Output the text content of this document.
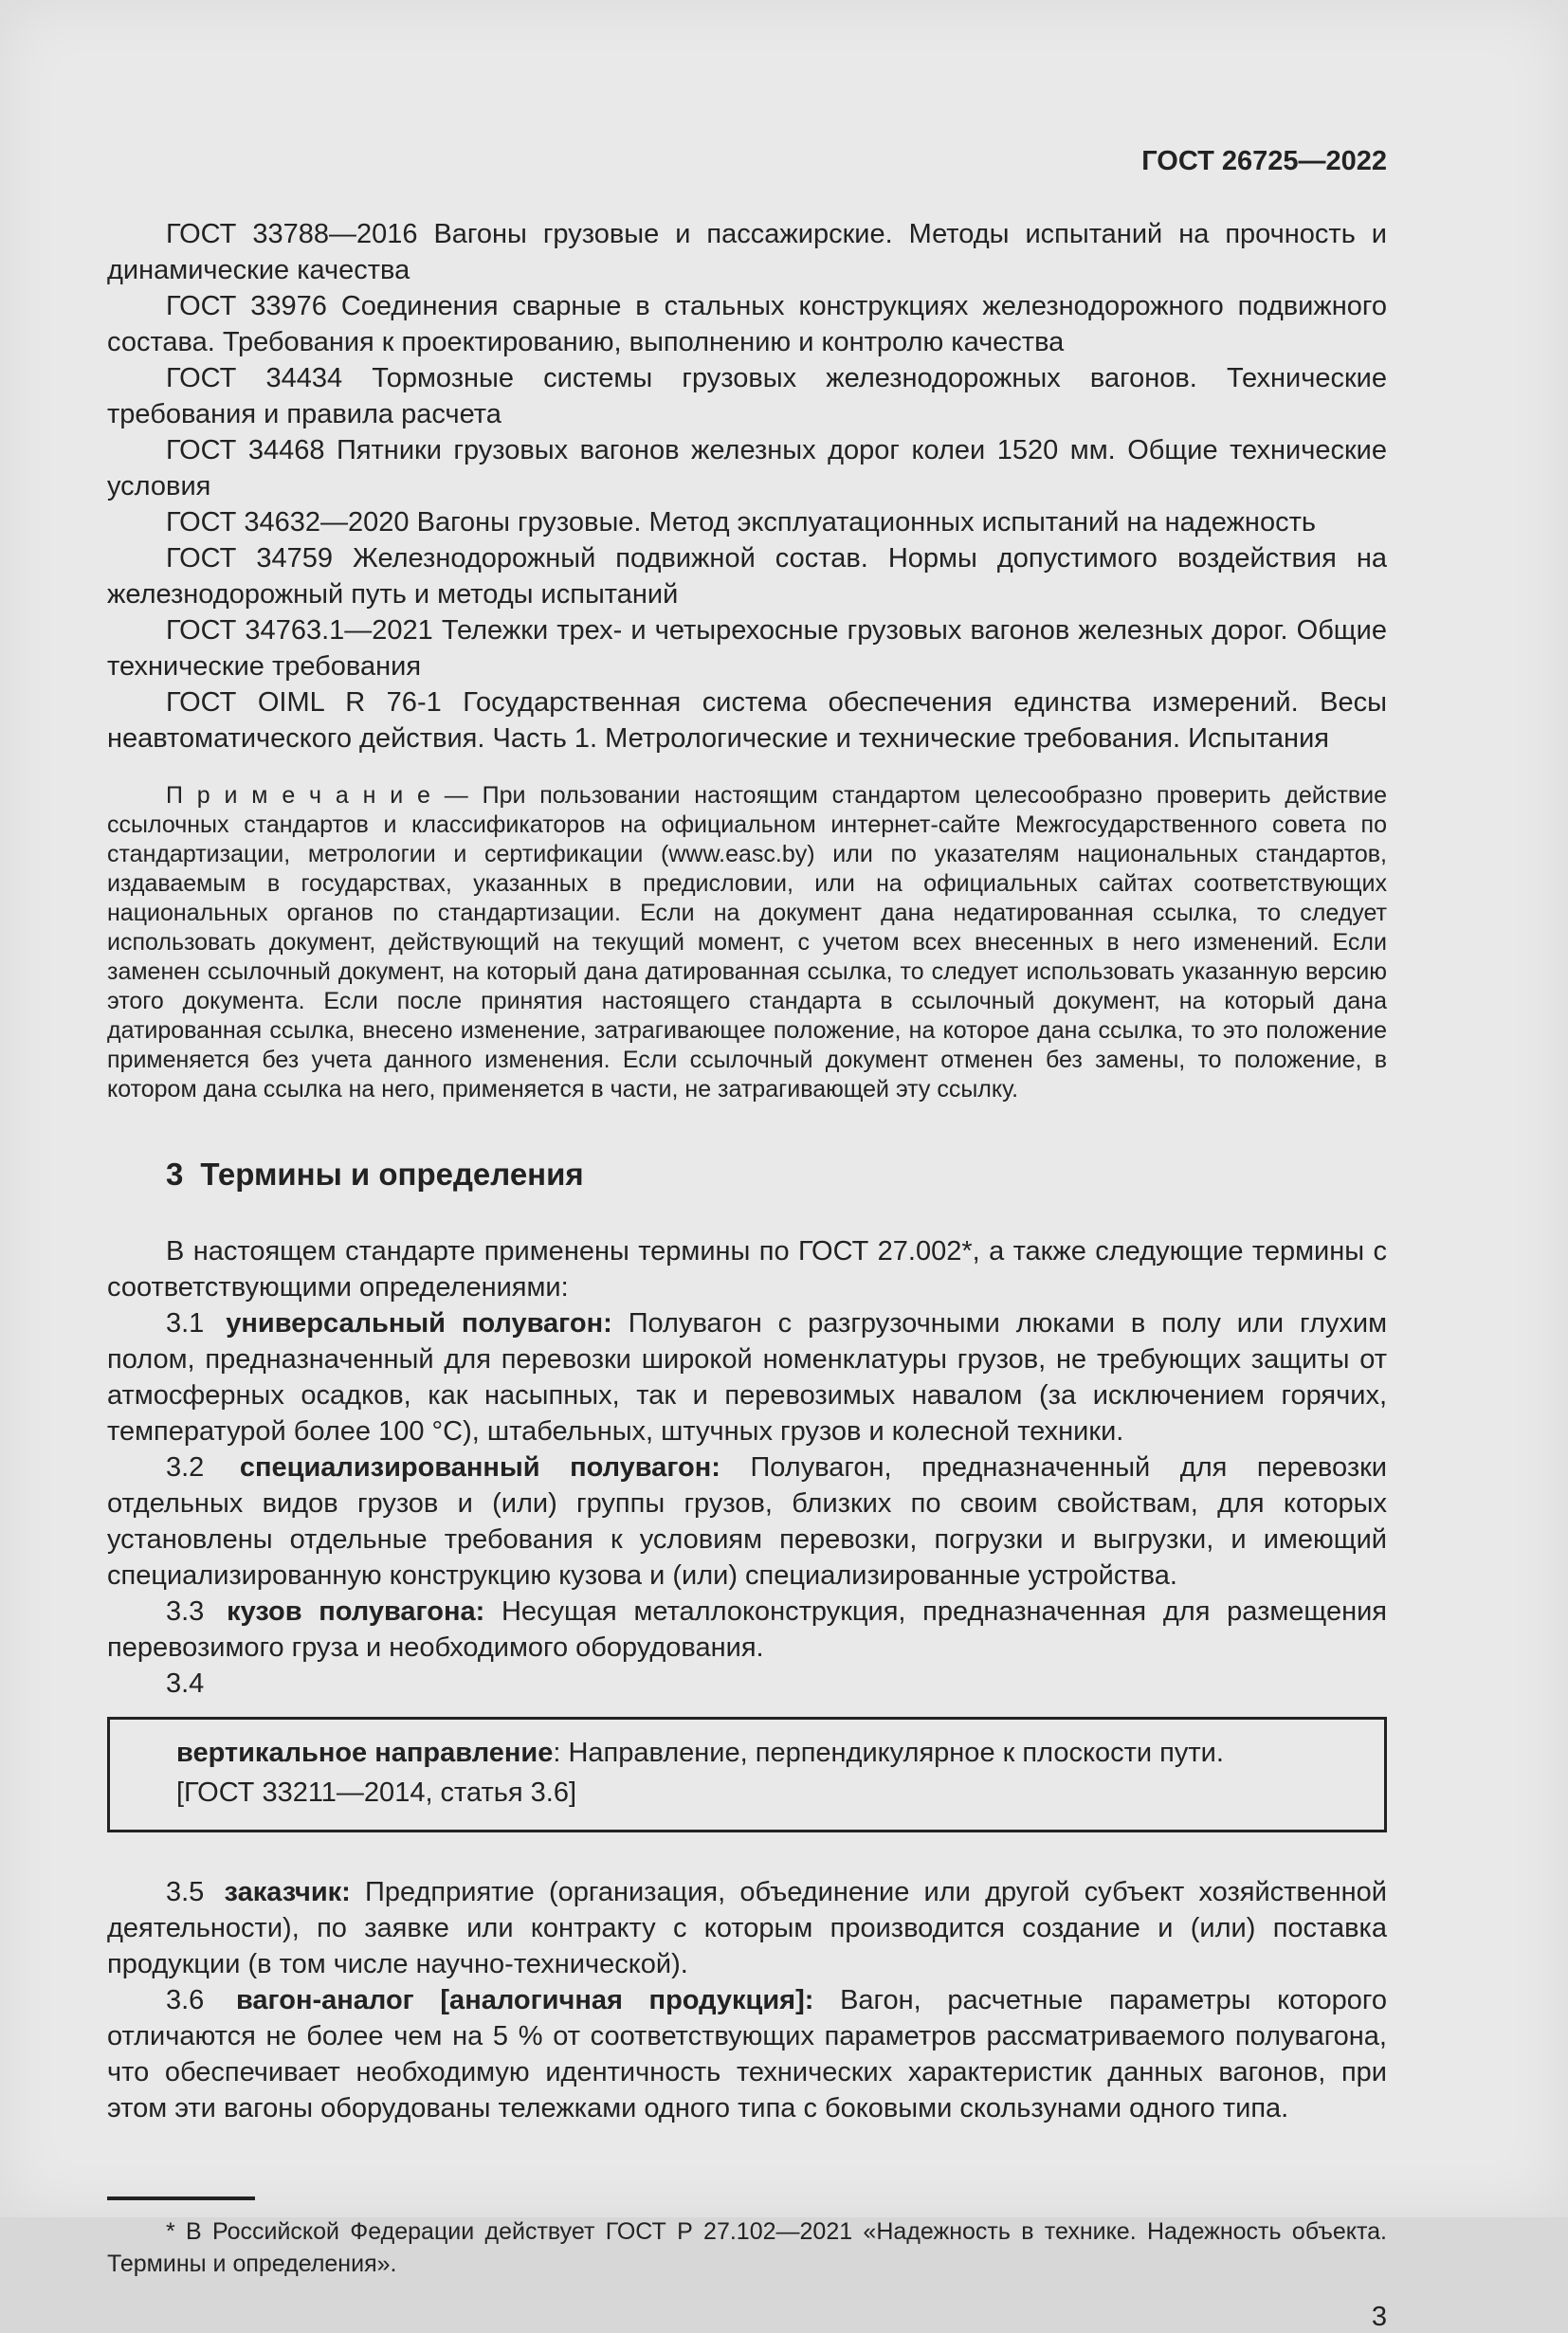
ГОСТ 26725—2022

ГОСТ 33788—2016 Вагоны грузовые и пассажирские. Методы испытаний на прочность и динамические качества

ГОСТ 33976 Соединения сварные в стальных конструкциях железнодорожного подвижного состава. Требования к проектированию, выполнению и контролю качества

ГОСТ 34434 Тормозные системы грузовых железнодорожных вагонов. Технические требования и правила расчета

ГОСТ 34468 Пятники грузовых вагонов железных дорог колеи 1520 мм. Общие технические условия

ГОСТ 34632—2020 Вагоны грузовые. Метод эксплуатационных испытаний на надежность

ГОСТ 34759 Железнодорожный подвижной состав. Нормы допустимого воздействия на железнодорожный путь и методы испытаний

ГОСТ 34763.1—2021 Тележки трех- и четырехосные грузовых вагонов железных дорог. Общие технические требования

ГОСТ OIML R 76-1 Государственная система обеспечения единства измерений. Весы неавтоматического действия. Часть 1. Метрологические и технические требования. Испытания

П р и м е ч а н и е — При пользовании настоящим стандартом целесообразно проверить действие ссылочных стандартов и классификаторов на официальном интернет-сайте Межгосударственного совета по стандартизации, метрологии и сертификации (www.easc.by) или по указателям национальных стандартов, издаваемым в государствах, указанных в предисловии, или на официальных сайтах соответствующих национальных органов по стандартизации. Если на документ дана недатированная ссылка, то следует использовать документ, действующий на текущий момент, с учетом всех внесенных в него изменений. Если заменен ссылочный документ, на который дана датированная ссылка, то следует использовать указанную версию этого документа. Если после принятия настоящего стандарта в ссылочный документ, на который дана датированная ссылка, внесено изменение, затрагивающее положение, на которое дана ссылка, то это положение применяется без учета данного изменения. Если ссылочный документ отменен без замены, то положение, в котором дана ссылка на него, применяется в части, не затрагивающей эту ссылку.

3 Термины и определения

В настоящем стандарте применены термины по ГОСТ 27.002*, а также следующие термины с соответствующими определениями:

3.1 универсальный полувагон: Полувагон с разгрузочными люками в полу или глухим полом, предназначенный для перевозки широкой номенклатуры грузов, не требующих защиты от атмосферных осадков, как насыпных, так и перевозимых навалом (за исключением горячих, температурой более 100 °С), штабельных, штучных грузов и колесной техники.

3.2 специализированный полувагон: Полувагон, предназначенный для перевозки отдельных видов грузов и (или) группы грузов, близких по своим свойствам, для которых установлены отдельные требования к условиям перевозки, погрузки и выгрузки, и имеющий специализированную конструкцию кузова и (или) специализированные устройства.

3.3 кузов полувагона: Несущая металлоконструкция, предназначенная для размещения перевозимого груза и необходимого оборудования.

3.4

вертикальное направление: Направление, перпендикулярное к плоскости пути.

[ГОСТ 33211—2014, статья 3.6]

3.5 заказчик: Предприятие (организация, объединение или другой субъект хозяйственной деятельности), по заявке или контракту с которым производится создание и (или) поставка продукции (в том числе научно-технической).

3.6 вагон-аналог [аналогичная продукция]: Вагон, расчетные параметры которого отличаются не более чем на 5 % от соответствующих параметров рассматриваемого полувагона, что обеспечивает необходимую идентичность технических характеристик данных вагонов, при этом эти вагоны оборудованы тележками одного типа с боковыми скользунами одного типа.

* В Российской Федерации действует ГОСТ Р 27.102—2021 «Надежность в технике. Надежность объекта. Термины и определения».

3
